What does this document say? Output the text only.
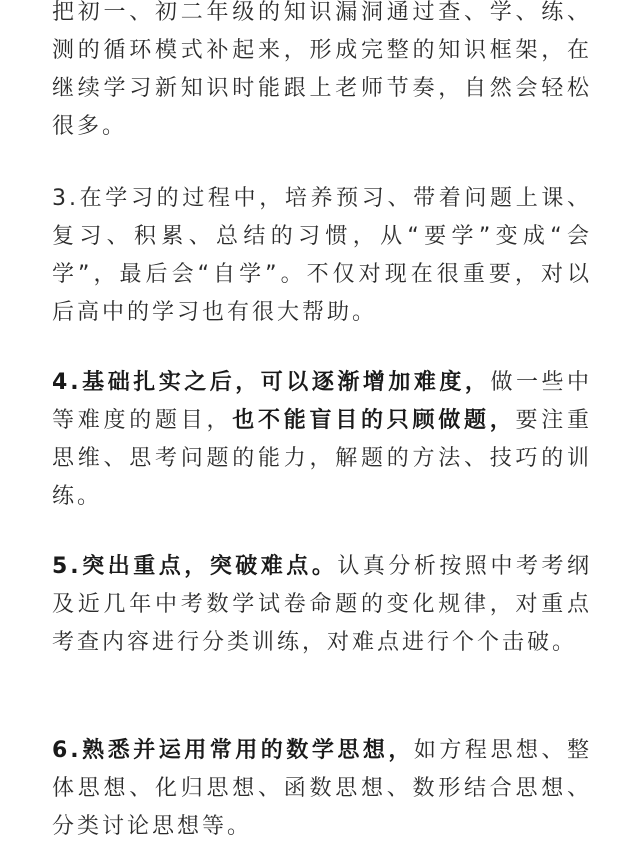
把初一、初二年级的知识漏洞通过查、学、练、测的循环模式补起来，形成完整的知识框架，在继续学习新知识时能跟上老师节奏，自然会轻松很多。

3.在学习的过程中，培养预习、带着问题上课、复习、积累、总结的习惯，从“要学”变成“会学”，最后会“自学”。不仅对现在很重要，对以后高中的学习也有很大帮助。

4.基础扎实之后，可以逐渐增加难度，做一些中等难度的题目，也不能盲目的只顾做题，要注重思维、思考问题的能力，解题的方法、技巧的训练。

5.突出重点，突破难点。认真分析按照中考考纲及近几年中考数学试卷命题的变化规律，对重点考查内容进行分类训练，对难点进行个个击破。

6.熟悉并运用常用的数学思想，如方程思想、整体思想、化归思想、函数思想、数形结合思想、分类讨论思想等。
